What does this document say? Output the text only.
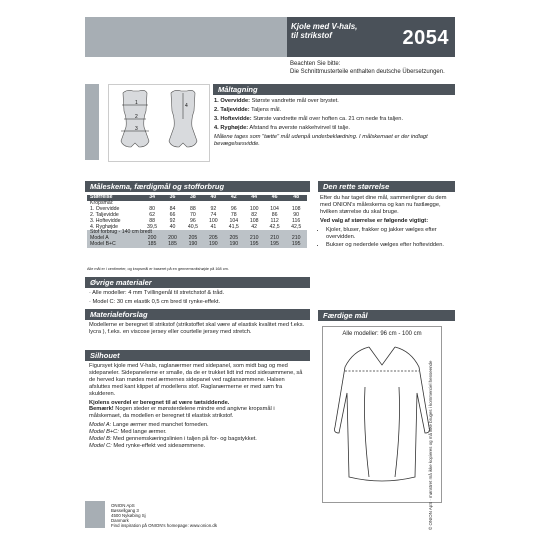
Kjole med V-hals,
til strikstof	2054
Beachten Sie bitte:
Die Schnittmusterteile enthalten deutsche Übersetzungen.
1
2
3
4
Måltagning

1. Overvidde: Største vandrette mål over brystet.

2. Taljevidde: Taljens mål.

3. Hoftevidde: Største vandrette mål over hoften ca. 21 cm nede fra taljen.

4. Ryghøjde: Afstand fra øverste nakkehvirvel til talje.

Målene tages som "tætte" mål udenpå underbeklædning. I målskemaet er der indlagt bevægelsesvidde.

Måleskema, færdigmål og stofforbrug
Størrelse	34	36	38	40	42	44	46	48
Kropsmål:								
1. Overvidde	80	84	88	92	96	100	104	108
2. Taljevidde	62	66	70	74	78	82	86	90
3. Hoftevidde	88	92	96	100	104	108	112	116
4. Ryghøjde	39,5	40	40,5	41	41,5	42	42,5	42,5
Stof forbrug - 140 cm bredt								
Model A	200	200	205	205	205	210	210	210
Model B+C	185	185	190	190	190	195	195	195
Alle mål er i centimeter, og kropsmål er baseret på en gennemsnitshøjde på 168 cm.
Øvrige materialer

· Alle modeller: 4 mm Tvillingenål til stretchstof & tråd.

· Model C: 30 cm elastik 0,5 cm bred til rynke-effekt.

Materialeforslag
Modellerne er beregnet til strikstof (strikstoffet skal være af elastisk kvalitet med f.eks. lycra ), f.eks. en viscose jersey eller courtelle jersey med stretch.
Silhouet

Figursyet kjole med V-hals, raglanærmer med sidepanel, som midt bag og med sidepaneler. Sidepanelerne er smalle, da de er trukket lidt ind mod sidesømmene, så de herved kan rnødes med ærmernes sidepanel ved raglansømmene. Halsen afsluttes med kant klippet af modellens stof. Raglanærmerne er med søm fra skulderen.

Kjolens overdel er beregnet til at være tætsiddende.

Bemærk! Nogen steder er mønsterdelene mindre end angivne kropsmål i målskemaet, da modellen er beregnet til elastisk strikstof.

Model A: Lange ærmer med manchet forneden.

Model B+C: Med lange ærmer.

Model B: Med gennemskæringslinien i taljen på for- og bagstykket.

Model C: Med rynke-effekt ved sidesømmene.

Den rette størrelse

Efter du har taget dine mål, sammenligner du dem med ONION's måleskema og kan nu fastlægge, hvilken størrelse du skal bruge.

Ved valg af størrelse er følgende vigtigt:

• Kjoler, bluser, frakker og jakker vælges efter overvidden.
• Bukser og nederdele vælges efter hoftevidden.
Færdige mål
Alle modeller: 96 cm - 100 cm
ONION ApS
Bøssellgang 3
4500 Nykøbing Sj
Danmark
Find inspiration på ONION's homepage: www.onion.dk	© ONION ApS · mønstret må ikke kopieres og må ikke bruges i kommerciel henseende
